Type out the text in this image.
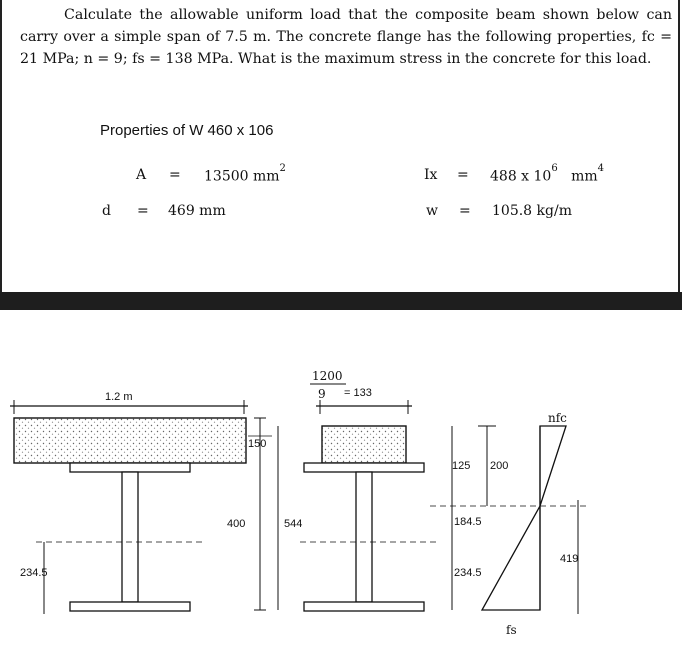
Calculate the allowable uniform load that the composite beam shown below can carry over a simple span of 7.5 m. The concrete flange has the following properties, fc = 21 MPa; n = 9; fs = 138 MPa. What is the maximum stress in the concrete for this load.
Properties of W 460 x 106
A = 13500 $mm^2$	Ix = 488 x $10^6$   $mm^4$
d = 469 mm	w = 105.8 kg/m
1.2 m
234.5
150
400
1200
9 = 133
544
125 200
184.5
234.5
419
nfc
fs
